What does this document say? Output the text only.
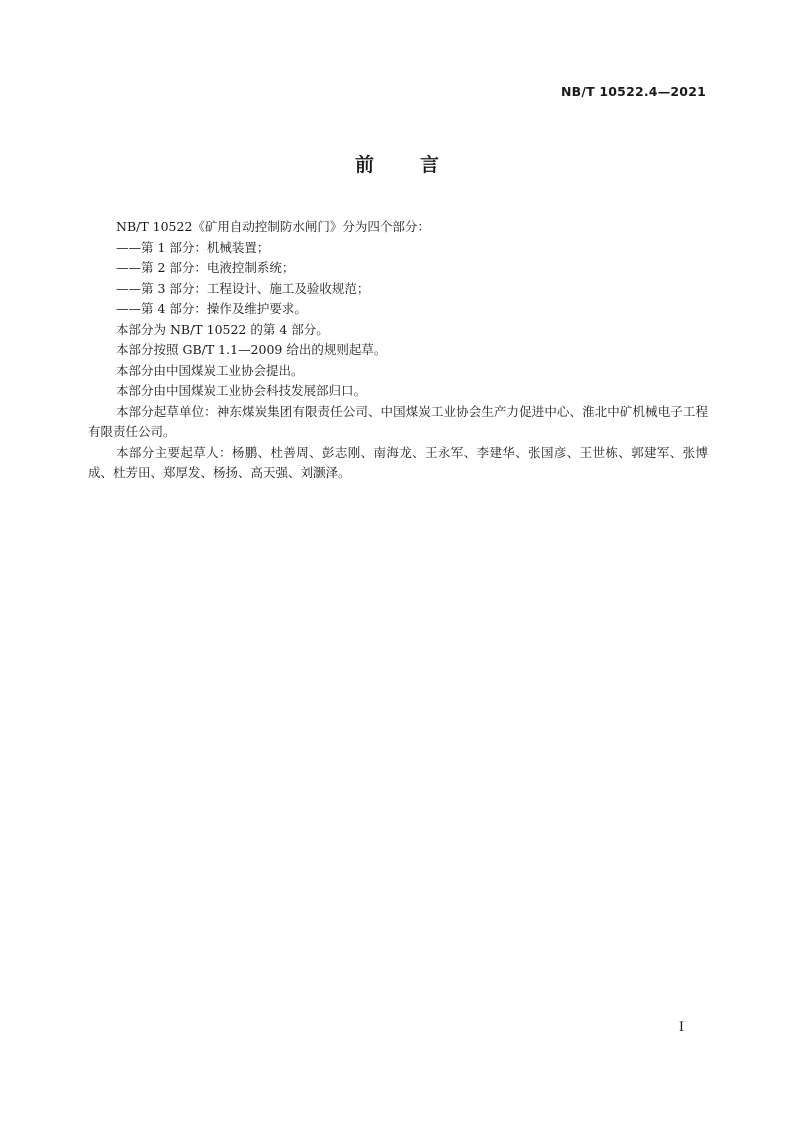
NB/T 10522.4—2021
前言

NB/T 10522《矿用自动控制防水闸门》分为四个部分：

——第 1 部分：机械装置；

——第 2 部分：电液控制系统；

——第 3 部分：工程设计、施工及验收规范；

——第 4 部分：操作及维护要求。

本部分为 NB/T 10522 的第 4 部分。

本部分按照 GB/T 1.1—2009 给出的规则起草。

本部分由中国煤炭工业协会提出。

本部分由中国煤炭工业协会科技发展部归口。

本部分起草单位：神东煤炭集团有限责任公司、中国煤炭工业协会生产力促进中心、淮北中矿机械电子工程有限责任公司。

本部分主要起草人：杨鹏、杜善周、彭志刚、南海龙、王永军、李建华、张国彦、王世栋、郭建军、张博成、杜芳田、郑厚发、杨扬、高天强、刘灏泽。

I
